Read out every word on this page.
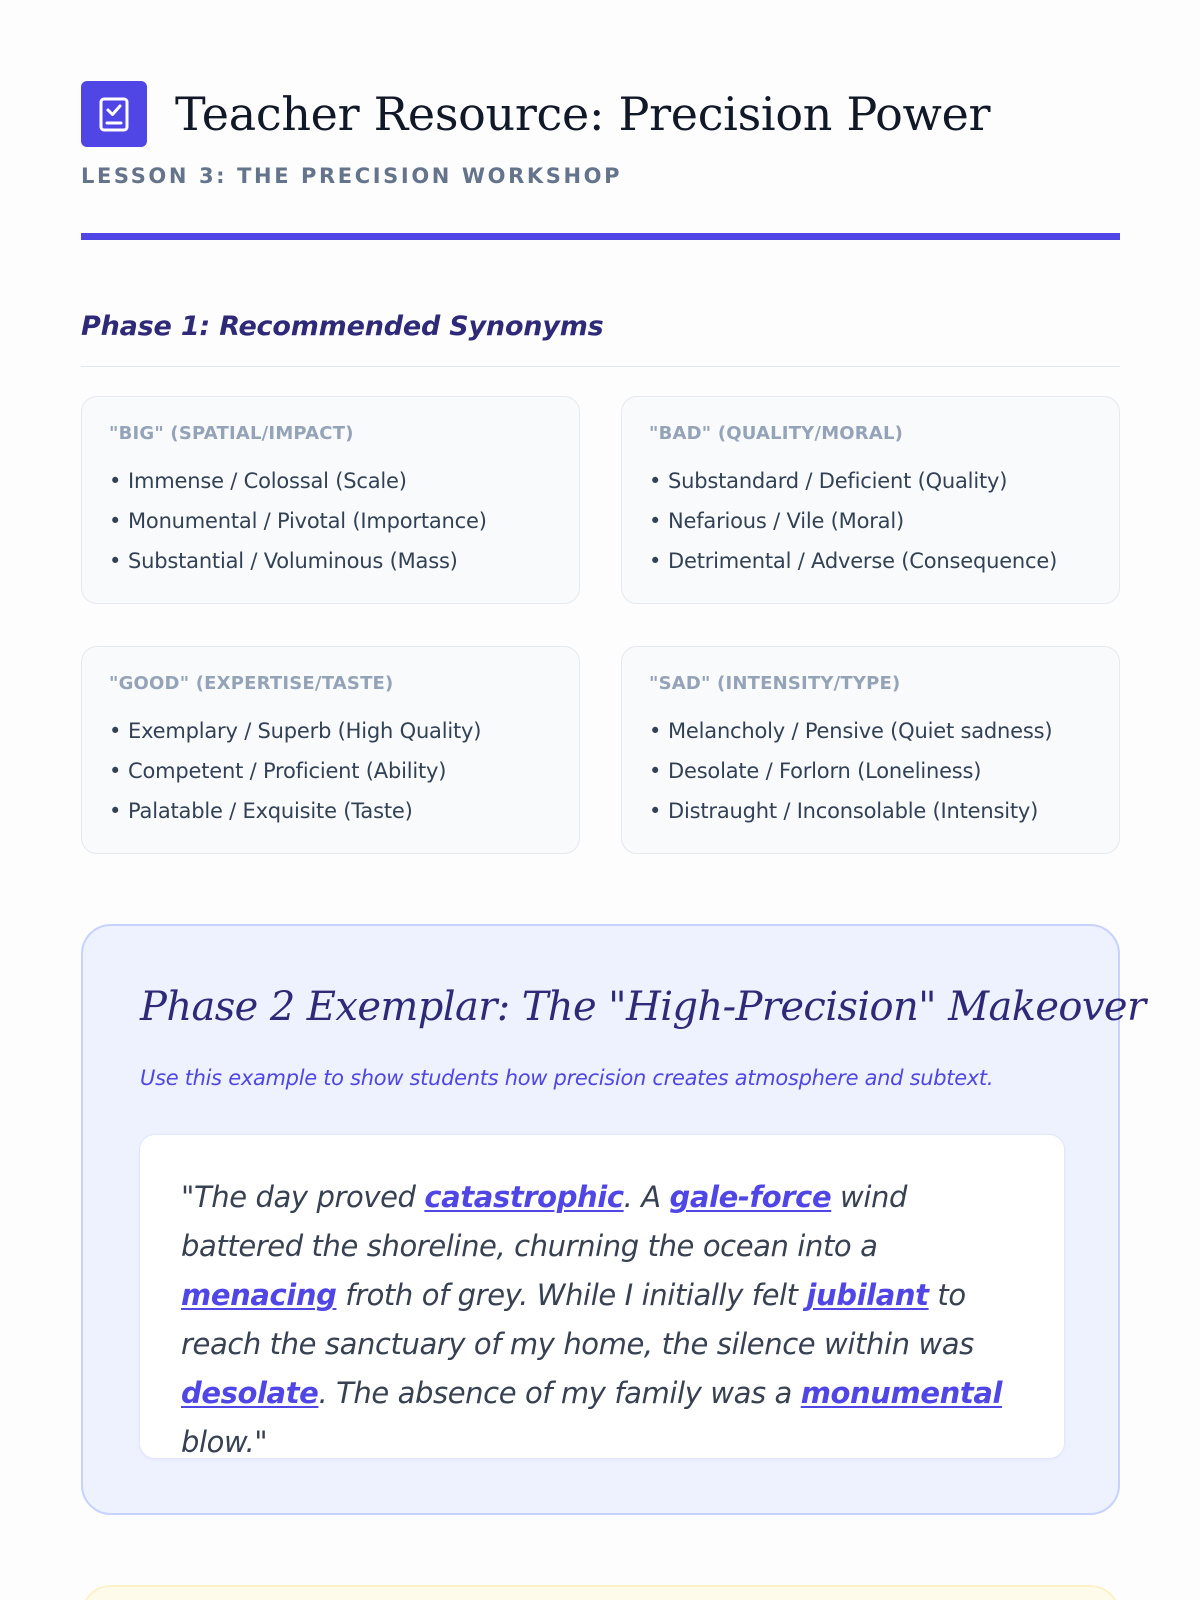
Teacher Resource: Precision Power
LESSON 3: THE PRECISION WORKSHOP
Phase 1: Recommended Synonyms
"BIG" (SPATIAL/IMPACT)
• Immense / Colossal (Scale)
• Monumental / Pivotal (Importance)
• Substantial / Voluminous (Mass)
"BAD" (QUALITY/MORAL)
• Substandard / Deficient (Quality)
• Nefarious / Vile (Moral)
• Detrimental / Adverse (Consequence)
"GOOD" (EXPERTISE/TASTE)
• Exemplary / Superb (High Quality)
• Competent / Proficient (Ability)
• Palatable / Exquisite (Taste)
"SAD" (INTENSITY/TYPE)
• Melancholy / Pensive (Quiet sadness)
• Desolate / Forlorn (Loneliness)
• Distraught / Inconsolable (Intensity)
Phase 2 Exemplar: The "High-Precision" Makeover
Use this example to show students how precision creates atmosphere and subtext.

"The day proved catastrophic. A gale-force wind battered the shoreline, churning the ocean into a menacing froth of grey. While I initially felt jubilant to reach the sanctuary of my home, the silence within was desolate. The absence of my family was a monumental blow."
